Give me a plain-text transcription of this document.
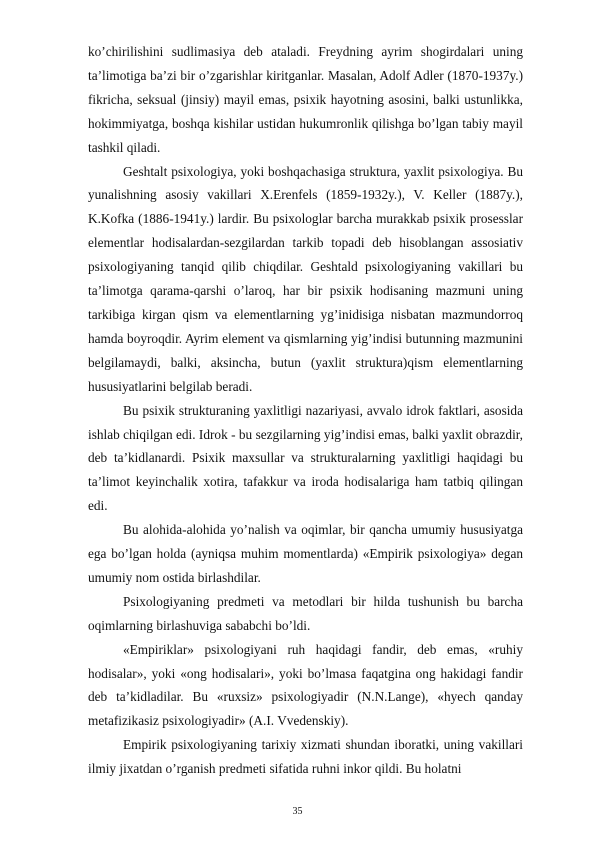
ko’chirilishini sudlimasiya deb ataladi. Freydning ayrim shogirdalari uning ta’limotiga ba’zi bir o’zgarishlar kiritganlar. Masalan, Adolf Adler (1870-1937y.) fikricha, seksual (jinsiy) mayil emas, psixik hayotning asosini, balki ustunlikka, hokimmiyatga, boshqa kishilar ustidan hukumronlik qilishga bo’lgan tabiy mayil tashkil qiladi.

Geshtalt psixologiya, yoki boshqachasiga struktura, yaxlit psixologiya. Bu yunalishning asosiy vakillari X.Erenfels (1859-1932y.), V. Keller (1887y.), K.Kofka (1886-1941y.) lardir. Bu psixologlar barcha murakkab psixik prosesslar elementlar hodisalardan-sezgilardan tarkib topadi deb hisoblangan assosiativ psixologiyaning tanqid qilib chiqdilar. Geshtald psixologiyaning vakillari bu ta’limotga qarama-qarshi o’laroq, har bir psixik hodisaning mazmuni uning tarkibiga kirgan qism va elementlarning yg’inidisiga nisbatan mazmundorroq hamda boyroqdir. Ayrim element va qismlarning yig’indisi butunning mazmunini belgilamaydi, balki, aksincha, butun (yaxlit struktura)qism elementlarning hususiyatlarini belgilab beradi.

Bu psixik strukturaning yaxlitligi nazariyasi, avvalo idrok faktlari, asosida ishlab chiqilgan edi. Idrok - bu sezgilarning yig’indisi emas, balki yaxlit obrazdir, deb ta’kidlanardi. Psixik maxsullar va strukturalarning yaxlitligi haqidagi bu ta’limot keyinchalik xotira, tafakkur va iroda hodisalariga ham tatbiq qilingan edi.

Bu alohida-alohida yo’nalish va oqimlar, bir qancha umumiy hususiyatga ega bo’lgan holda (ayniqsa muhim momentlarda) «Empirik psixologiya» degan umumiy nom ostida birlashdilar.

Psixologiyaning predmeti va metodlari bir hilda tushunish bu barcha oqimlarning birlashuviga sababchi bo’ldi.

«Empiriklar» psixologiyani ruh haqidagi fandir, deb emas, «ruhiy hodisalar», yoki «ong hodisalari», yoki bo’lmasa faqatgina ong hakidagi fandir deb ta’kidladilar. Bu «ruxsiz» psixologiyadir (N.N.Lange), «hyech qanday metafizikasiz psixologiyadir» (A.I. Vvedenskiy).

Empirik psixologiyaning tarixiy xizmati shundan iboratki, uning vakillari ilmiy jixatdan o’rganish predmeti sifatida ruhni inkor qildi. Bu holatni

35
